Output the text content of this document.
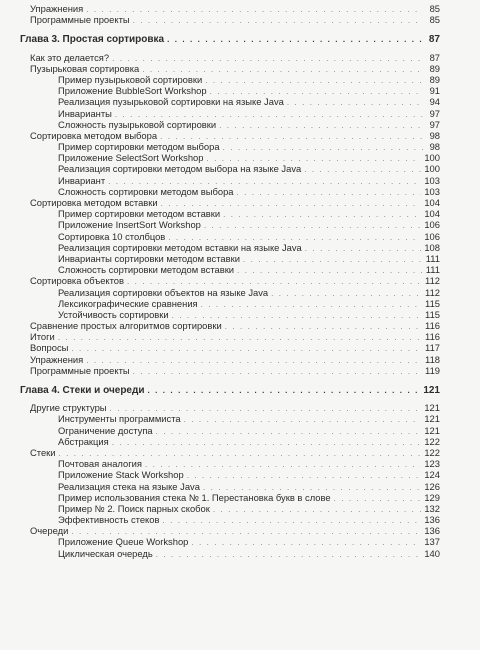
Упражнения . . .	85
Программные проекты . . .	85
Глава 3. Простая сортировка . . .	87
Как это делается? . . .	87
Пузырьковая сортировка . . .	89
Пример пузырьковой сортировки . . .	89
Приложение BubbleSort Workshop . . .	91
Реализация пузырьковой сортировки на языке Java . . .	94
Инварианты . . .	97
Сложность пузырьковой сортировки . . .	97
Сортировка методом выбора . . .	98
Пример сортировки методом выбора . . .	98
Приложение SelectSort Workshop . . .	100
Реализация сортировки методом выбора на языке Java . . .	100
Инвариант . . .	103
Сложность сортировки методом выбора . . .	103
Сортировка методом вставки . . .	104
Пример сортировки методом вставки . . .	104
Приложение InsertSort Workshop . . .	106
Сортировка 10 столбцов . . .	106
Реализация сортировки методом вставки на языке Java . . .	108
Инварианты сортировки методом вставки . . .	111
Сложность сортировки методом вставки . . .	111
Сортировка объектов . . .	112
Реализация сортировки объектов на языке Java . . .	112
Лексикографические сравнения . . .	115
Устойчивость сортировки . . .	115
Сравнение простых алгоритмов сортировки . . .	116
Итоги . . .	116
Вопросы . . .	117
Упражнения . . .	118
Программные проекты . . .	119
Глава 4. Стеки и очереди . . .	121
Другие структуры . . .	121
Инструменты программиста . . .	121
Ограничение доступа . . .	121
Абстракция . . .	122
Стеки . . .	122
Почтовая аналогия . . .	123
Приложение Stack Workshop . . .	124
Реализация стека на языке Java . . .	126
Пример использования стека № 1. Перестановка букв в слове . . .	129
Пример № 2. Поиск парных скобок . . .	132
Эффективность стеков . . .	136
Очереди . . .	136
Приложение Queue Workshop . . .	137
Циклическая очередь . . .	140
